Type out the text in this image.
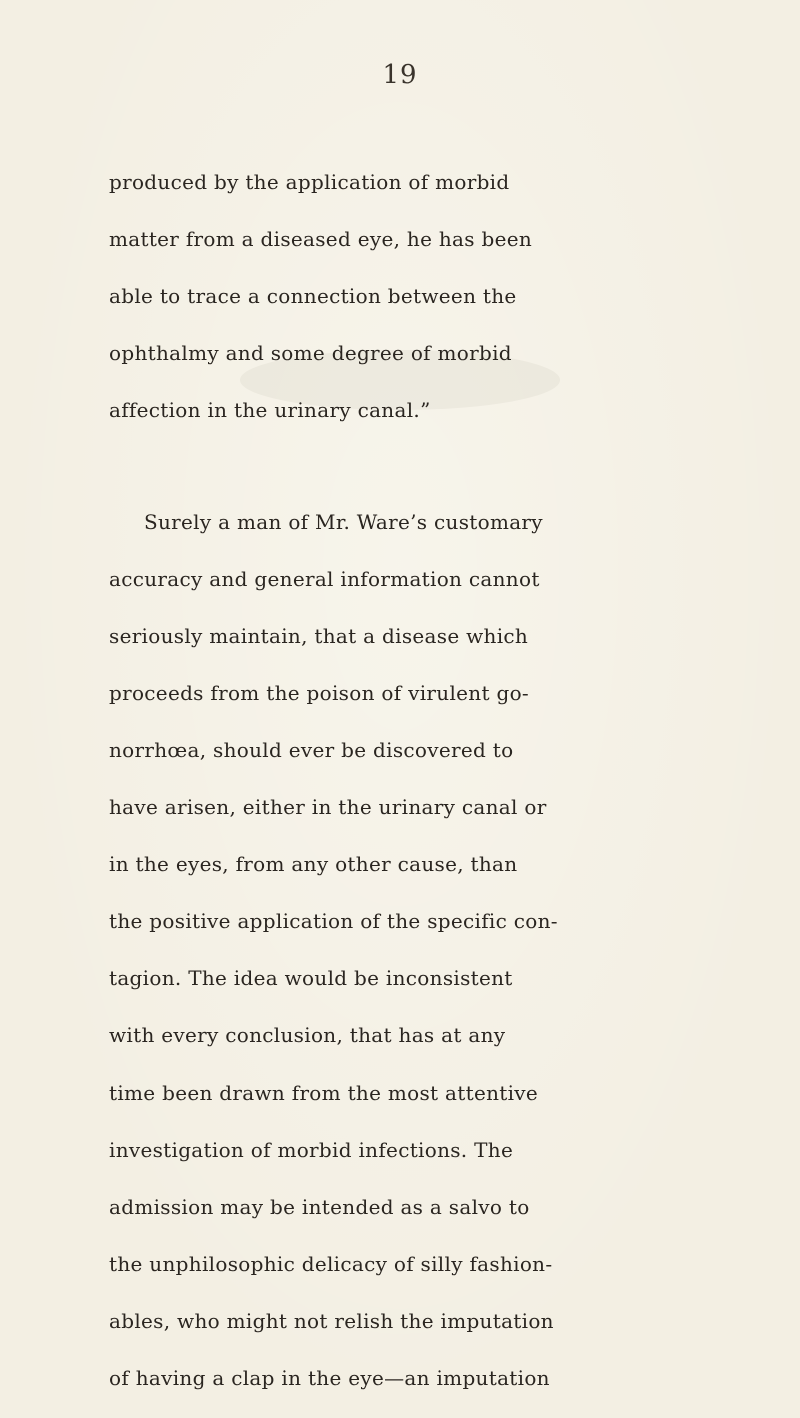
19
produced by the application of morbid
matter from a diseased eye, he has been
able to trace a connection between the
ophthalmy and some degree of morbid
affection in the urinary canal.”
Surely a man of Mr. Ware’s customary
accuracy and general information cannot
seriously maintain, that a disease which
proceeds from the poison of virulent go-
norrhœa, should ever be discovered to
have arisen, either in the urinary canal or
in the eyes, from any other cause, than
the positive application of the specific con-
tagion. The idea would be inconsistent
with every conclusion, that has at any
time been drawn from the most attentive
investigation of morbid infections. The
admission may be intended as a salvo to
the unphilosophic delicacy of silly fashion-
ables, who might not relish the imputation
of having a clap in the eye—an imputation
